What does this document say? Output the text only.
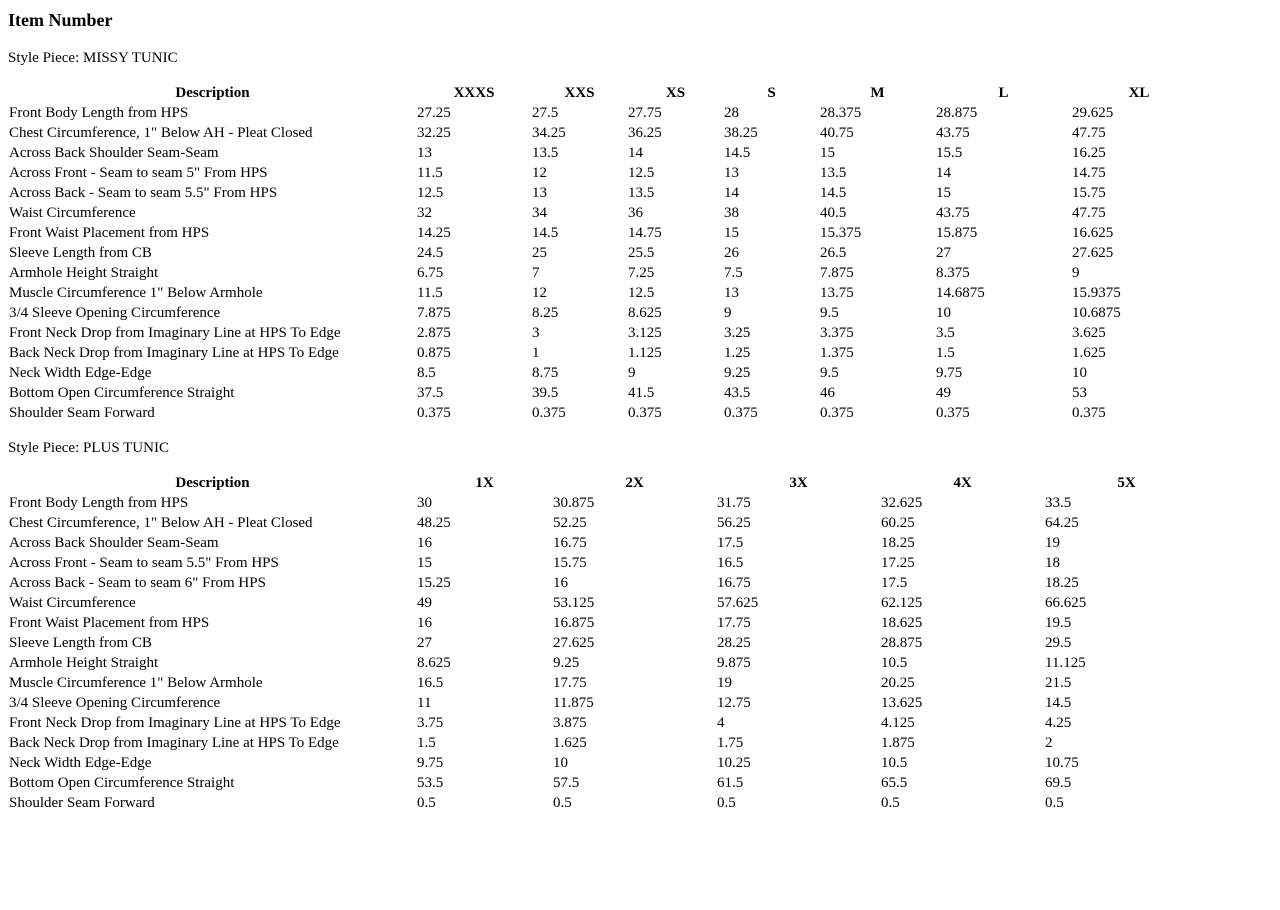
Item Number

Style Piece: MISSY TUNIC

Description	XXXS	XXS	XS	S	M	L	XL
Front Body Length from HPS	27.25	27.5	27.75	28	28.375	28.875	29.625
Chest Circumference, 1" Below AH - Pleat Closed	32.25	34.25	36.25	38.25	40.75	43.75	47.75
Across Back Shoulder Seam-Seam	13	13.5	14	14.5	15	15.5	16.25
Across Front - Seam to seam 5" From HPS	11.5	12	12.5	13	13.5	14	14.75
Across Back - Seam to seam 5.5" From HPS	12.5	13	13.5	14	14.5	15	15.75
Waist Circumference	32	34	36	38	40.5	43.75	47.75
Front Waist Placement from HPS	14.25	14.5	14.75	15	15.375	15.875	16.625
Sleeve Length from CB	24.5	25	25.5	26	26.5	27	27.625
Armhole Height Straight	6.75	7	7.25	7.5	7.875	8.375	9
Muscle Circumference 1" Below Armhole	11.5	12	12.5	13	13.75	14.6875	15.9375
3/4 Sleeve Opening Circumference	7.875	8.25	8.625	9	9.5	10	10.6875
Front Neck Drop from Imaginary Line at HPS To Edge	2.875	3	3.125	3.25	3.375	3.5	3.625
Back Neck Drop from Imaginary Line at HPS To Edge	0.875	1	1.125	1.25	1.375	1.5	1.625
Neck Width Edge-Edge	8.5	8.75	9	9.25	9.5	9.75	10
Bottom Open Circumference Straight	37.5	39.5	41.5	43.5	46	49	53
Shoulder Seam Forward	0.375	0.375	0.375	0.375	0.375	0.375	0.375

Style Piece: PLUS TUNIC

Description	1X	2X	3X	4X	5X
Front Body Length from HPS	30	30.875	31.75	32.625	33.5
Chest Circumference, 1" Below AH - Pleat Closed	48.25	52.25	56.25	60.25	64.25
Across Back Shoulder Seam-Seam	16	16.75	17.5	18.25	19
Across Front - Seam to seam 5.5" From HPS	15	15.75	16.5	17.25	18
Across Back - Seam to seam 6" From HPS	15.25	16	16.75	17.5	18.25
Waist Circumference	49	53.125	57.625	62.125	66.625
Front Waist Placement from HPS	16	16.875	17.75	18.625	19.5
Sleeve Length from CB	27	27.625	28.25	28.875	29.5
Armhole Height Straight	8.625	9.25	9.875	10.5	11.125
Muscle Circumference 1" Below Armhole	16.5	17.75	19	20.25	21.5
3/4 Sleeve Opening Circumference	11	11.875	12.75	13.625	14.5
Front Neck Drop from Imaginary Line at HPS To Edge	3.75	3.875	4	4.125	4.25
Back Neck Drop from Imaginary Line at HPS To Edge	1.5	1.625	1.75	1.875	2
Neck Width Edge-Edge	9.75	10	10.25	10.5	10.75
Bottom Open Circumference Straight	53.5	57.5	61.5	65.5	69.5
Shoulder Seam Forward	0.5	0.5	0.5	0.5	0.5
